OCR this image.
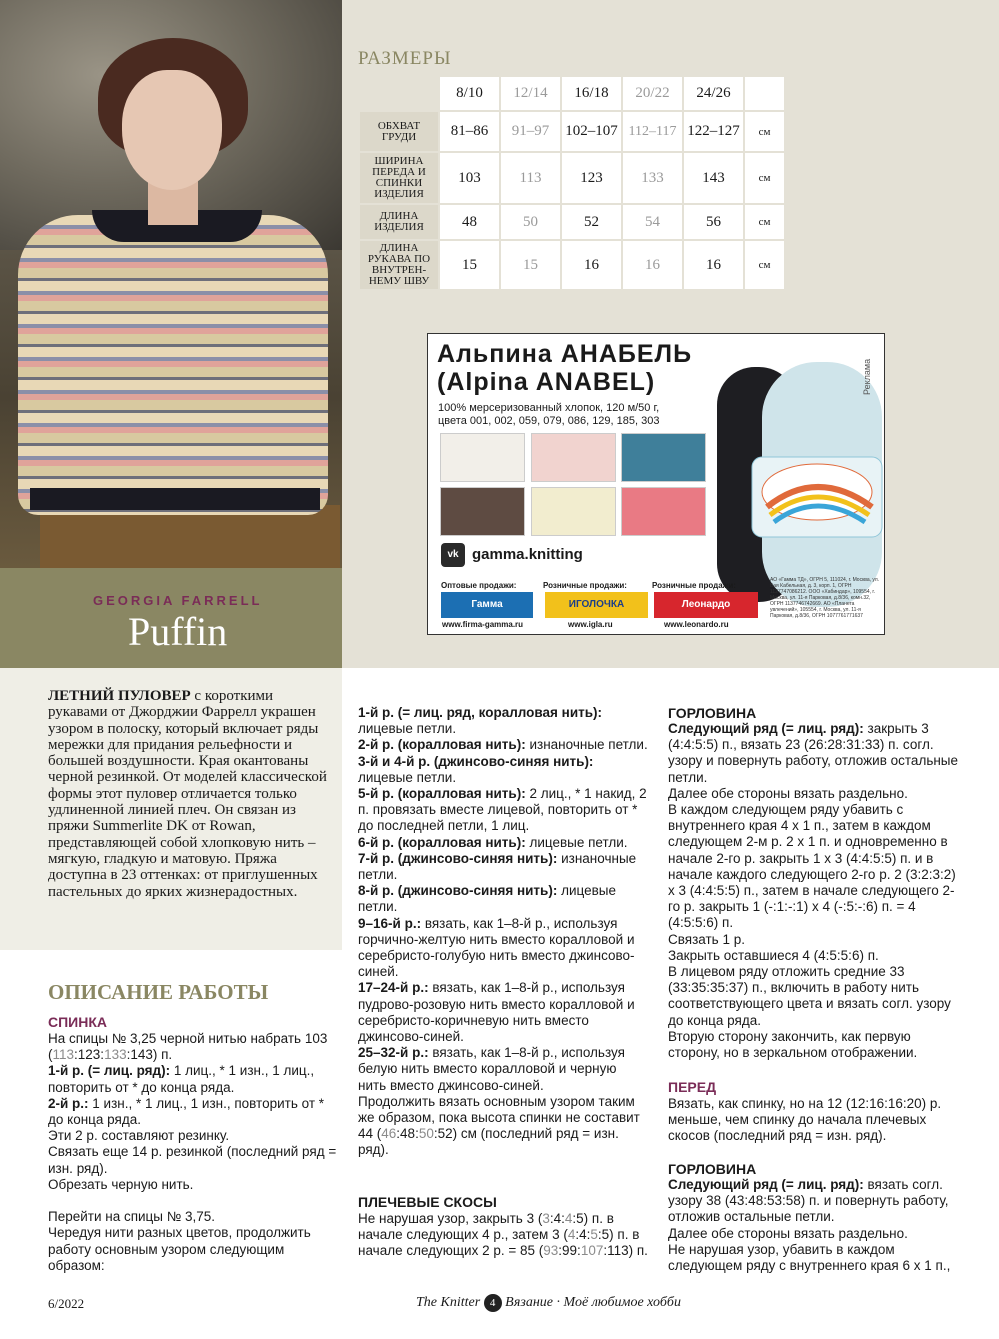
GEORGIA FARRELL
Puffin
РАЗМЕРЫ
	8/10	12/14	16/18	20/22	24/26	
ОБХВАТ ГРУДИ	81–86	91–97	102–107	112–117	122–127	см
ШИРИНА ПЕРЕДА И СПИНКИ ИЗДЕЛИЯ	103	113	123	133	143	см
ДЛИНА ИЗДЕЛИЯ	48	50	52	54	56	см
ДЛИНА РУКАВА ПО ВНУТРЕН-НЕМУ ШВУ	15	15	16	16	16	см
Альпина АНАБЕЛЬ
(Alpina ANABEL)
100% мерсеризованный хлопок, 120 м/50 г,
цвета 001, 002, 059, 079, 086, 129, 185, 303
Реклама
vk gamma.knitting
Оптовые продажи:	Розничные продажи:	Розничные продажи:
Гамма	ИГОЛОЧКА	Леонардо
www.firma-gamma.ru	www.igla.ru	www.leonardo.ru
АО «Гамма ТД», ОГРН 5, 111024, г. Москва, ул. Бая Кабельная, д. 3, корп. 1, ОГРН 1127747086212. ООО «Хабиндар», 109554, г. Москва, ул. 11-я Парковая, д.8/36, комн.32, ОГРН 1137746742669. АО «Планета увлечений», 105554, г. Москва, ул. 11-я Парковая, д.8/36, ОГРН 1077761771637
ЛЕТНИЙ ПУЛОВЕР с короткими рукавами от Джорджии Фаррелл украшен узором в полоску, который включает ряды мережки для придания рельефности и большей воздушности. Края окантованы черной резинкой. От моделей классической формы этот пуловер отличается только удлиненной линией плеч. Он связан из пряжи Summerlite DK от Rowan, представляющей собой хлопковую нить – мягкую, гладкую и матовую. Пряжа доступна в 23 оттенках: от приглушенных пастельных до ярких жизнерадостных.
ОПИСАНИЕ РАБОТЫ
СПИНКА
На спицы № 3,25 черной нитью набрать 103 (113:123:133:143) п.
1-й р. (= лиц. ряд): 1 лиц., * 1 изн., 1 лиц., повторить от * до конца ряда.
2-й р.: 1 изн., * 1 лиц., 1 изн., повторить от * до конца ряда.
Эти 2 р. составляют резинку.
Связать еще 14 р. резинкой (последний ряд = изн. ряд).
Обрезать черную нить.

Перейти на спицы № 3,75.
Чередуя нити разных цветов, продолжить работу основным узором следующим образом:
1-й р. (= лиц. ряд, коралловая нить): лицевые петли.
2-й р. (коралловая нить): изнаночные петли.
3-й и 4-й р. (джинсово-синяя нить): лицевые петли.
5-й р. (коралловая нить): 2 лиц., * 1 накид, 2 п. провязать вместе лицевой, повторить от * до последней петли, 1 лиц.
6-й р. (коралловая нить): лицевые петли.
7-й р. (джинсово-синяя нить): изнаночные петли.
8-й р. (джинсово-синяя нить): лицевые петли.
9–16-й р.: вязать, как 1–8-й р., используя горчично-желтую нить вместо коралловой и серебристо-голубую нить вместо джинсово-синей.
17–24-й р.: вязать, как 1–8-й р., используя пудрово-розовую нить вместо коралловой и серебристо-коричневую нить вместо джинсово-синей.
25–32-й р.: вязать, как 1–8-й р., используя белую нить вместо коралловой и черную нить вместо джинсово-синей.
Продолжить вязать основным узором таким же образом, пока высота спинки не составит 44 (46:48:50:52) см (последний ряд = изн. ряд).
ПЛЕЧЕВЫЕ СКОСЫ
Не нарушая узор, закрыть 3 (3:4:4:5) п. в начале следующих 4 р., затем 3 (4:4:5:5) п. в начале следующих 2 р. = 85 (93:99:107:113) п.
ГОРЛОВИНА
Следующий ряд (= лиц. ряд): закрыть 3 (4:4:5:5) п., вязать 23 (26:28:31:33) п. согл. узору и повернуть работу, отложив остальные петли.
Далее обе стороны вязать раздельно.
В каждом следующем ряду убавить с внутреннего края 4 х 1 п., затем в каждом следующем 2-м р. 2 х 1 п. и одновременно в начале 2-го р. закрыть 1 х 3 (4:4:5:5) п. и в начале каждого следующего 2-го р. 2 (3:2:3:2) х 3 (4:4:5:5) п., затем в начале следующего 2-го р. закрыть 1 (-:1:-:1) х 4 (-:5:-:6) п. = 4 (4:5:5:6) п.
Связать 1 р.
Закрыть оставшиеся 4 (4:5:5:6) п.
В лицевом ряду отложить средние 33 (33:35:35:37) п., включить в работу нить соответствующего цвета и вязать согл. узору до конца ряда.
Вторую сторону закончить, как первую сторону, но в зеркальном отображении.
ПЕРЕД
Вязать, как спинку, но на 12 (12:16:16:20) р. меньше, чем спинку до начала плечевых скосов (последний ряд = изн. ряд).
ГОРЛОВИНА
Следующий ряд (= лиц. ряд): вязать согл. узору 38 (43:48:53:58) п. и повернуть работу, отложив остальные петли.
Далее обе стороны вязать раздельно.
Не нарушая узор, убавить в каждом следующем ряду с внутреннего края 6 х 1 п.,
6/2022	The Knitter 4 Вязание · Моё любимое хобби
